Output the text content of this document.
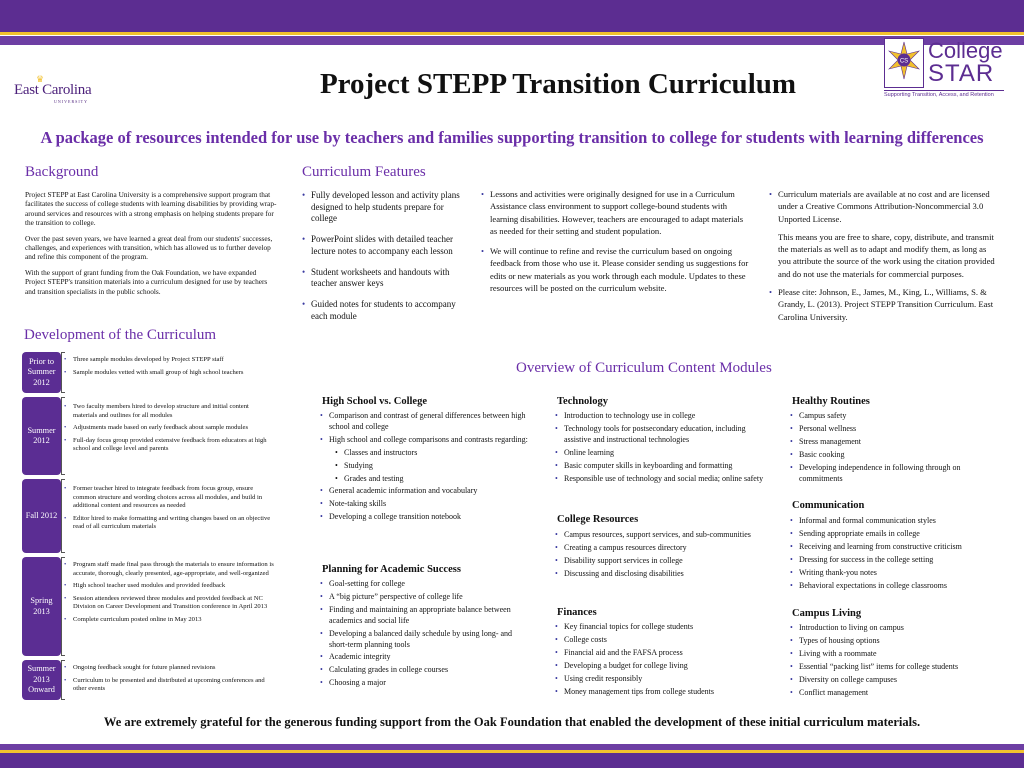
♛
East Carolina
UNIVERSITY
CS College
STAR
Supporting Transition, Access, and Retention
Project STEPP Transition Curriculum
A package of resources intended for use by teachers and families supporting transition to college for students with learning differences
Background

Project STEPP at East Carolina University is a comprehensive support program that facilitates the success of college students with learning disabilities by providing wrap-around services and resources with a strong emphasis on helping students prepare for the transition to college.

Over the past seven years, we have learned a great deal from our students' successes, challenges, and experiences with transition, which has allowed us to further develop and refine this component of the program.

With the support of grant funding from the Oak Foundation, we have expanded Project STEPP's transition materials into a curriculum designed for use by teachers and transition specialists in the public schools.

Curriculum Features
• Fully developed lesson and activity plans designed to help students prepare for college
• PowerPoint slides with detailed teacher lecture notes to accompany each lesson
• Student worksheets and handouts with teacher answer keys
• Guided notes for students to accompany each module
• Lessons and activities were originally designed for use in a Curriculum Assistance class environment to support college-bound students with learning disabilities. However, teachers are encouraged to adapt materials as needed for their setting and student population.
• We will continue to refine and revise the curriculum based on ongoing feedback from those who use it. Please consider sending us suggestions for edits or new materials as you work through each module. Updates to these resources will be posted on the curriculum website.
• Curriculum materials are available at no cost and are licensed under a Creative Commons Attribution-Noncommercial 3.0 Unported License.

This means you are free to share, copy, distribute, and transmit the materials as well as to adapt and modify them, as long as you attribute the source of the work using the citation provided and do not use the materials for commercial purposes.

• Please cite: Johnson, E., James, M., King, L., Williams, S. & Grandy, L. (2013). Project STEPP Transition Curriculum. East Carolina University.
Development of the Curriculum
Prior to Summer 2012
• Three sample modules developed by Project STEPP staff
• Sample modules vetted with small group of high school teachers
Summer 2012
• Two faculty members hired to develop structure and initial content materials and outlines for all modules
• Adjustments made based on early feedback about sample modules
• Full-day focus group provided extensive feedback from educators at high school and college level and parents
Fall 2012
• Former teacher hired to integrate feedback from focus group, ensure common structure and wording choices across all modules, and build in additional content and resources as needed
• Editor hired to make formatting and writing changes based on an objective read of all curriculum materials
Spring 2013
• Program staff made final pass through the materials to ensure information is accurate, thorough, clearly presented, age-appropriate, and well-organized
• High school teacher used modules and provided feedback
• Session attendees reviewed three modules and provided feedback at NC Division on Career Development and Transition conference in April 2013
• Complete curriculum posted online in May 2013
Summer 2013 Onward
• Ongoing feedback sought for future planned revisions
• Curriculum to be presented and distributed at upcoming conferences and other events
Overview of Curriculum Content Modules
High School vs. College
• Comparison and contrast of general differences between high school and college
• High school and college comparisons and contrasts regarding:
• Classes and instructors
• Studying
• Grades and testing
• General academic information and vocabulary
• Note-taking skills
• Developing a college transition notebook
Planning for Academic Success
• Goal-setting for college
• A “big picture” perspective of college life
• Finding and maintaining an appropriate balance between academics and social life
• Developing a balanced daily schedule by using long- and short-term planning tools
• Academic integrity
• Calculating grades in college courses
• Choosing a major
Technology
• Introduction to technology use in college
• Technology tools for postsecondary education, including assistive and instructional technologies
• Online learning
• Basic computer skills in keyboarding and formatting
• Responsible use of technology and social media; online safety
College Resources
• Campus resources, support services, and sub-communities
• Creating a campus resources directory
• Disability support services in college
• Discussing and disclosing disabilities
Finances
• Key financial topics for college students
• College costs
• Financial aid and the FAFSA process
• Developing a budget for college living
• Using credit responsibly
• Money management tips from college students
Healthy Routines
• Campus safety
• Personal wellness
• Stress management
• Basic cooking
• Developing independence in following through on commitments
Communication
• Informal and formal communication styles
• Sending appropriate emails in college
• Receiving and learning from constructive criticism
• Dressing for success in the college setting
• Writing thank-you notes
• Behavioral expectations in college classrooms
Campus Living
• Introduction to living on campus
• Types of housing options
• Living with a roommate
• Essential “packing list” items for college students
• Diversity on college campuses
• Conflict management
We are extremely grateful for the generous funding support from the Oak Foundation that enabled the development of these initial curriculum materials.
